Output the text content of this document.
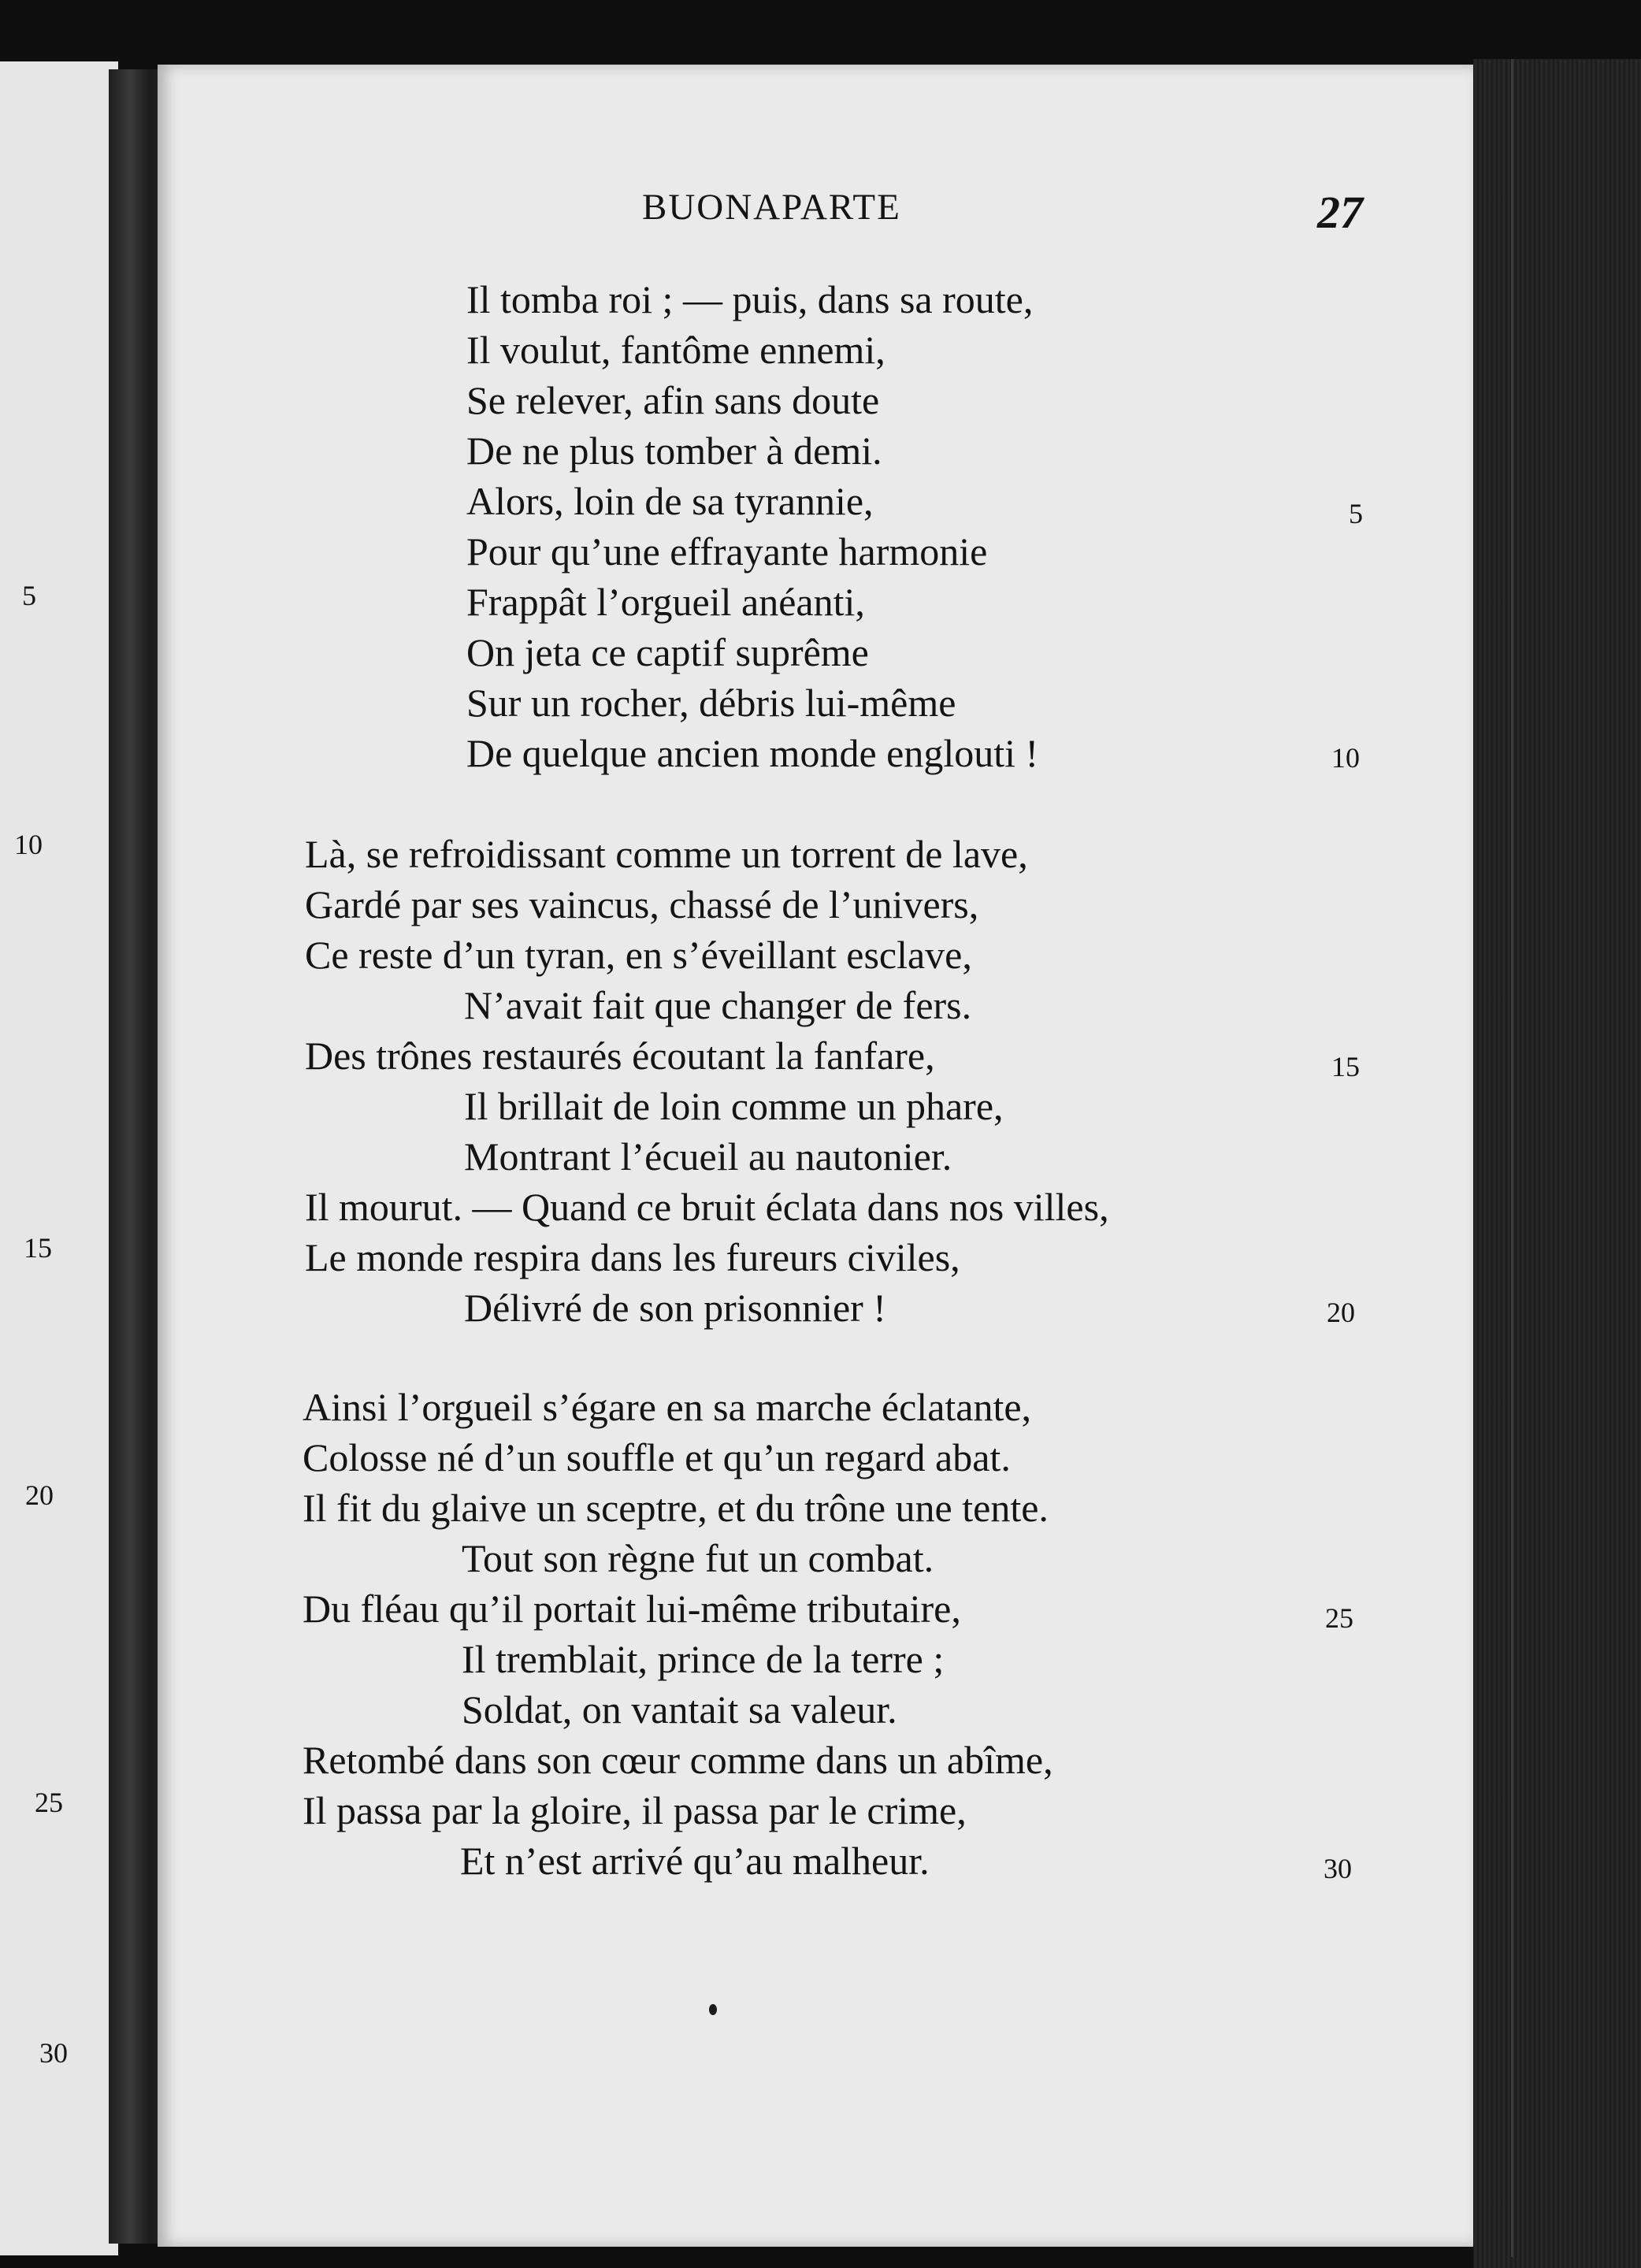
BUONAPARTE	27
Il tomba roi ; — puis, dans sa route,
Il voulut, fantôme ennemi,
Se relever, afin sans doute
De ne plus tomber à demi.
Alors, loin de sa tyrannie,
Pour qu’une effrayante harmonie
Frappât l’orgueil anéanti,
On jeta ce captif suprême
Sur un rocher, débris lui-même
De quelque ancien monde englouti !
Là, se refroidissant comme un torrent de lave,
Gardé par ses vaincus, chassé de l’univers,
Ce reste d’un tyran, en s’éveillant esclave,
N’avait fait que changer de fers.
Des trônes restaurés écoutant la fanfare,
Il brillait de loin comme un phare,
Montrant l’écueil au nautonier.
Il mourut. — Quand ce bruit éclata dans nos villes,
Le monde respira dans les fureurs civiles,
Délivré de son prisonnier !
Ainsi l’orgueil s’égare en sa marche éclatante,
Colosse né d’un souffle et qu’un regard abat.
Il fit du glaive un sceptre, et du trône une tente.
Tout son règne fut un combat.
Du fléau qu’il portait lui-même tributaire,
Il tremblait, prince de la terre ;
Soldat, on vantait sa valeur.
Retombé dans son cœur comme dans un abîme,
Il passa par la gloire, il passa par le crime,
Et n’est arrivé qu’au malheur.
5
10
15
20
25
30
5
10
15
20
25
30
